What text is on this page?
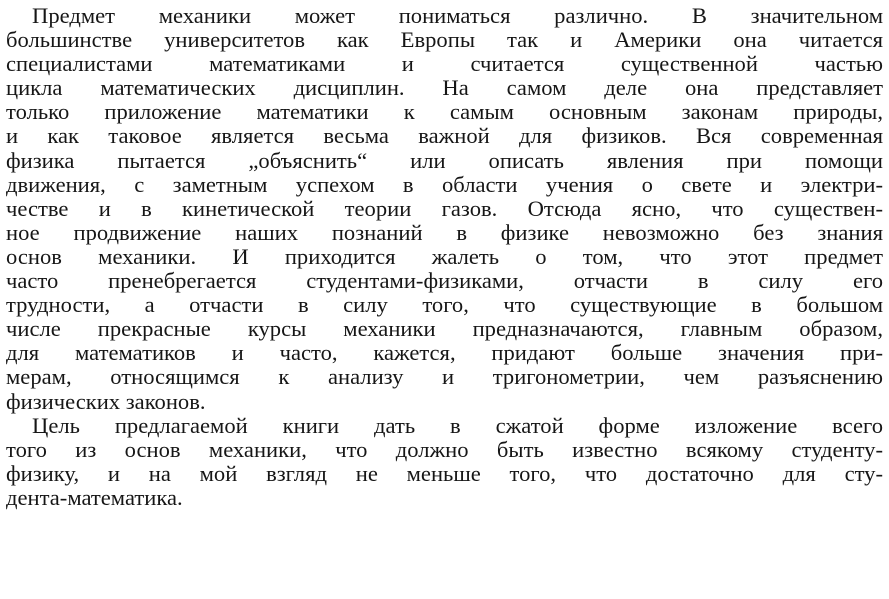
Предмет механики может пониматься различно. В значительном
большинстве университетов как Европы так и Америки она читается
специалистами математиками и считается существенной частью
цикла математических дисциплин. На самом деле она представляет
только приложение математики к самым основным законам природы,
и как таковое является весьма важной для физиков. Вся современная
физика пытается „объяснить“ или описать явления при помощи
движения, с заметным успехом в области учения о свете и электри-
честве и в кинетической теории газов. Отсюда ясно, что существен-
ное продвижение наших познаний в физике невозможно без знания
основ механики. И приходится жалеть о том, что этот предмет
часто пренебрегается студентами-физиками, отчасти в силу его
трудности, а отчасти в силу того, что существующие в большом
числе прекрасные курсы механики предназначаются, главным образом,
для математиков и часто, кажется, придают больше значения при-
мерам, относящимся к анализу и тригонометрии, чем разъяснению
физических законов.
Цель предлагаемой книги дать в сжатой форме изложение всего
того из основ механики, что должно быть известно всякому студенту-
физику, и на мой взгляд не меньше того, что достаточно для сту-
дента-математика.
